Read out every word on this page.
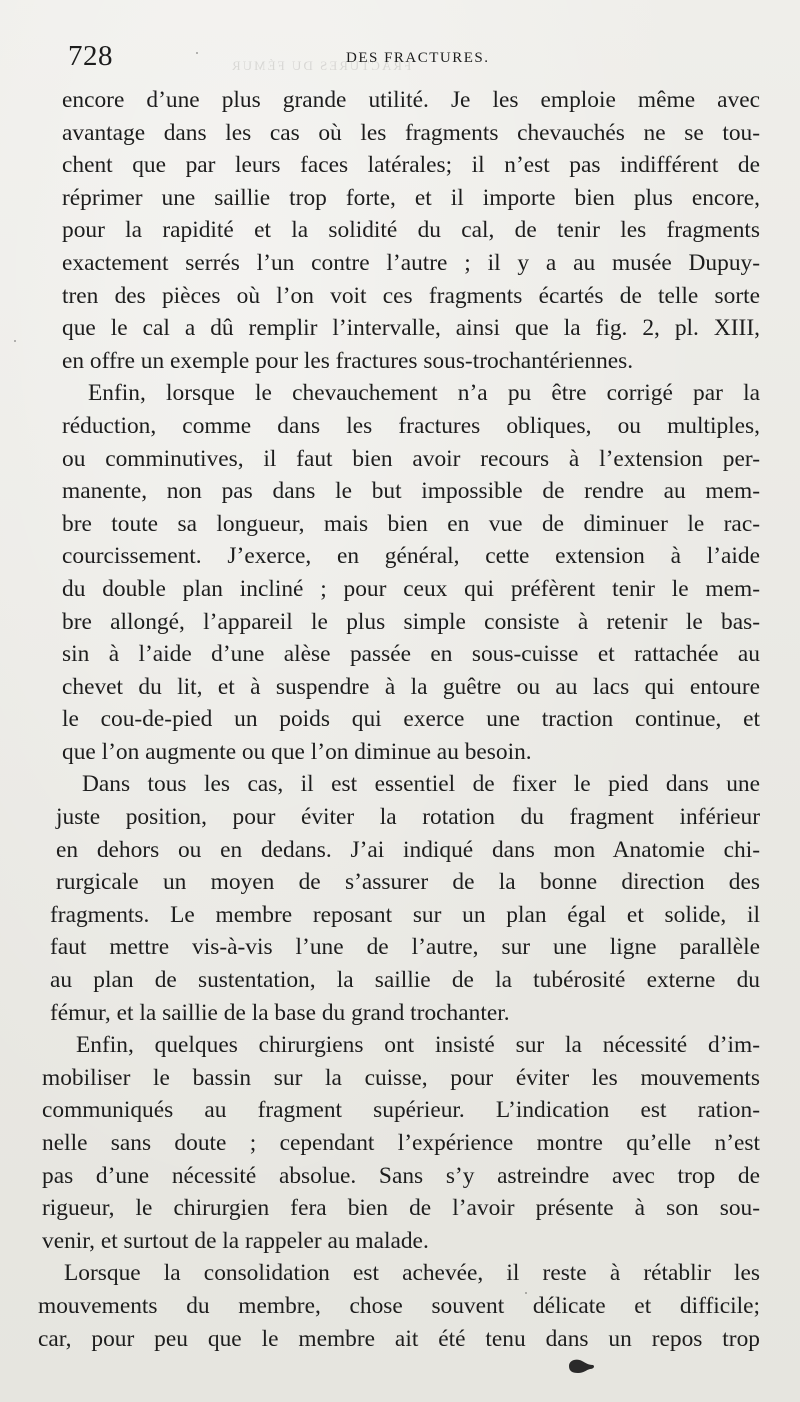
728	DES FRACTURES.
FRACTURES DU FÉMUR
encore d’une plus grande utilité. Je les emploie même avec
avantage dans les cas où les fragments chevauchés ne se tou-
chent que par leurs faces latérales; il n’est pas indifférent de
réprimer une saillie trop forte, et il importe bien plus encore,
pour la rapidité et la solidité du cal, de tenir les fragments
exactement serrés l’un contre l’autre ; il y a au musée Dupuy-
tren des pièces où l’on voit ces fragments écartés de telle sorte
que le cal a dû remplir l’intervalle, ainsi que la fig. 2, pl. XIII,
en offre un exemple pour les fractures sous-trochantériennes.
Enfin, lorsque le chevauchement n’a pu être corrigé par la
réduction, comme dans les fractures obliques, ou multiples,
ou comminutives, il faut bien avoir recours à l’extension per-
manente, non pas dans le but impossible de rendre au mem-
bre toute sa longueur, mais bien en vue de diminuer le rac-
courcissement. J’exerce, en général, cette extension à l’aide
du double plan incliné ; pour ceux qui préfèrent tenir le mem-
bre allongé, l’appareil le plus simple consiste à retenir le bas-
sin à l’aide d’une alèse passée en sous-cuisse et rattachée au
chevet du lit, et à suspendre à la guêtre ou au lacs qui entoure
le cou-de-pied un poids qui exerce une traction continue, et
que l’on augmente ou que l’on diminue au besoin.
Dans tous les cas, il est essentiel de fixer le pied dans une
juste position, pour éviter la rotation du fragment inférieur
en dehors ou en dedans. J’ai indiqué dans mon Anatomie chi-
rurgicale un moyen de s’assurer de la bonne direction des
fragments. Le membre reposant sur un plan égal et solide, il
faut mettre vis-à-vis l’une de l’autre, sur une ligne parallèle
au plan de sustentation, la saillie de la tubérosité externe du
fémur, et la saillie de la base du grand trochanter.
Enfin, quelques chirurgiens ont insisté sur la nécessité d’im-
mobiliser le bassin sur la cuisse, pour éviter les mouvements
communiqués au fragment supérieur. L’indication est ration-
nelle sans doute ; cependant l’expérience montre qu’elle n’est
pas d’une nécessité absolue. Sans s’y astreindre avec trop de
rigueur, le chirurgien fera bien de l’avoir présente à son sou-
venir, et surtout de la rappeler au malade.
Lorsque la consolidation est achevée, il reste à rétablir les
mouvements du membre, chose souvent délicate et difficile;
car, pour peu que le membre ait été tenu dans un repos trop
